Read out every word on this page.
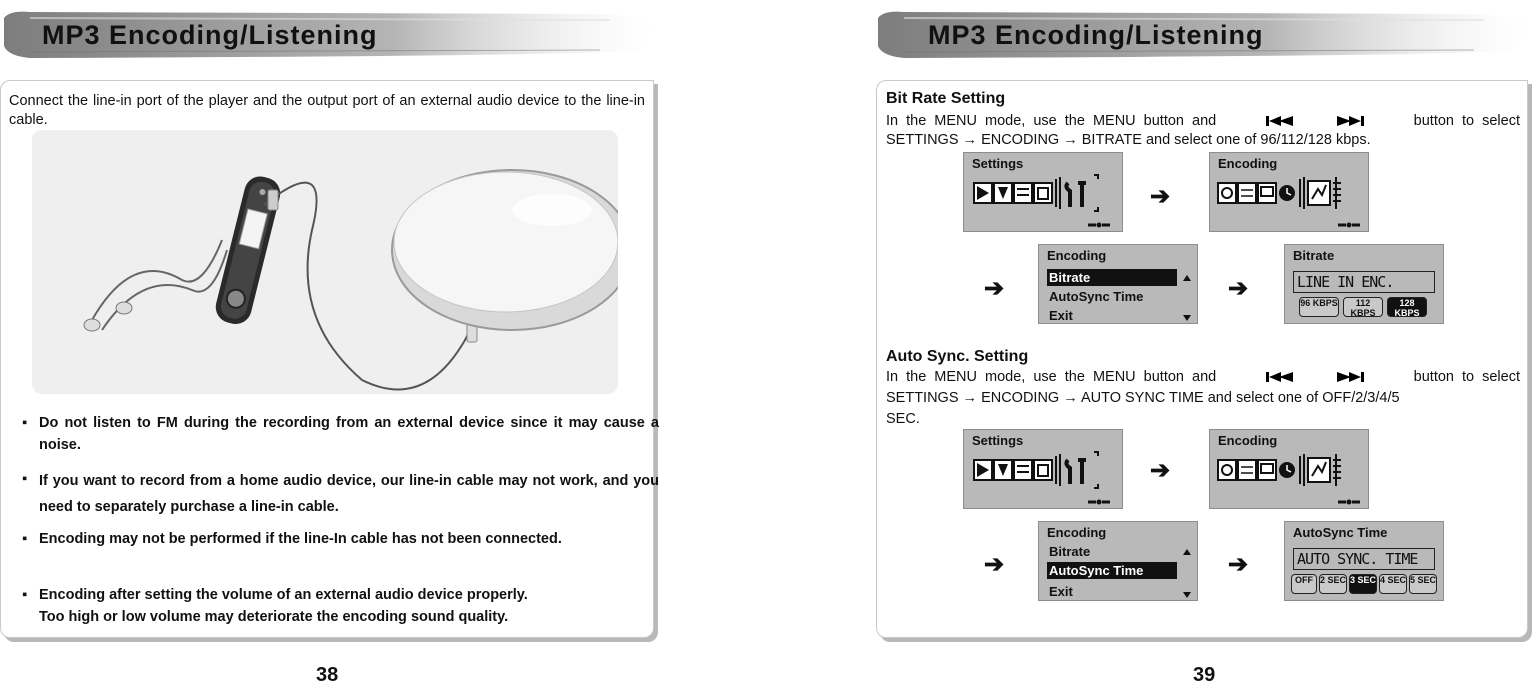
MP3 Encoding/Listening
Connect the line-in port of the player and the output port of an external audio device to the line-in cable.
▪ Do not listen to FM during the recording from an external device since it may cause a noise.
▪ If you want to record from a home audio device, our line-in cable may not work, and you need to separately purchase a line-in cable.
▪ Encoding may not be performed if the line-In cable has not been connected.
▪ Encoding after setting the volume of an external audio device properly.
Too high or low volume may deteriorate the encoding sound quality.
38
MP3 Encoding/Listening
Bit Rate Setting
In the MENU mode, use the MENU button and
	button to select
SETTINGS → ENCODING → BITRATE and select one of 96/112/128 kbps.
Settings
➔
Encoding
➔
Encoding
Bitrate
AutoSync Time
Exit
➔
Bitrate
LINE IN ENC.
96 KBPS	112 KBPS
128 KBPS
Auto Sync. Setting
In the MENU mode, use the MENU button and
	button to select
SETTINGS → ENCODING → AUTO SYNC TIME and select one of OFF/2/3/4/5
SEC.
Settings
➔
Encoding
➔
Encoding
Bitrate
AutoSync Time
Exit
➔
AutoSync Time
AUTO SYNC. TIME
OFF 2 SEC 3 SEC 4 SEC 5 SEC
39
